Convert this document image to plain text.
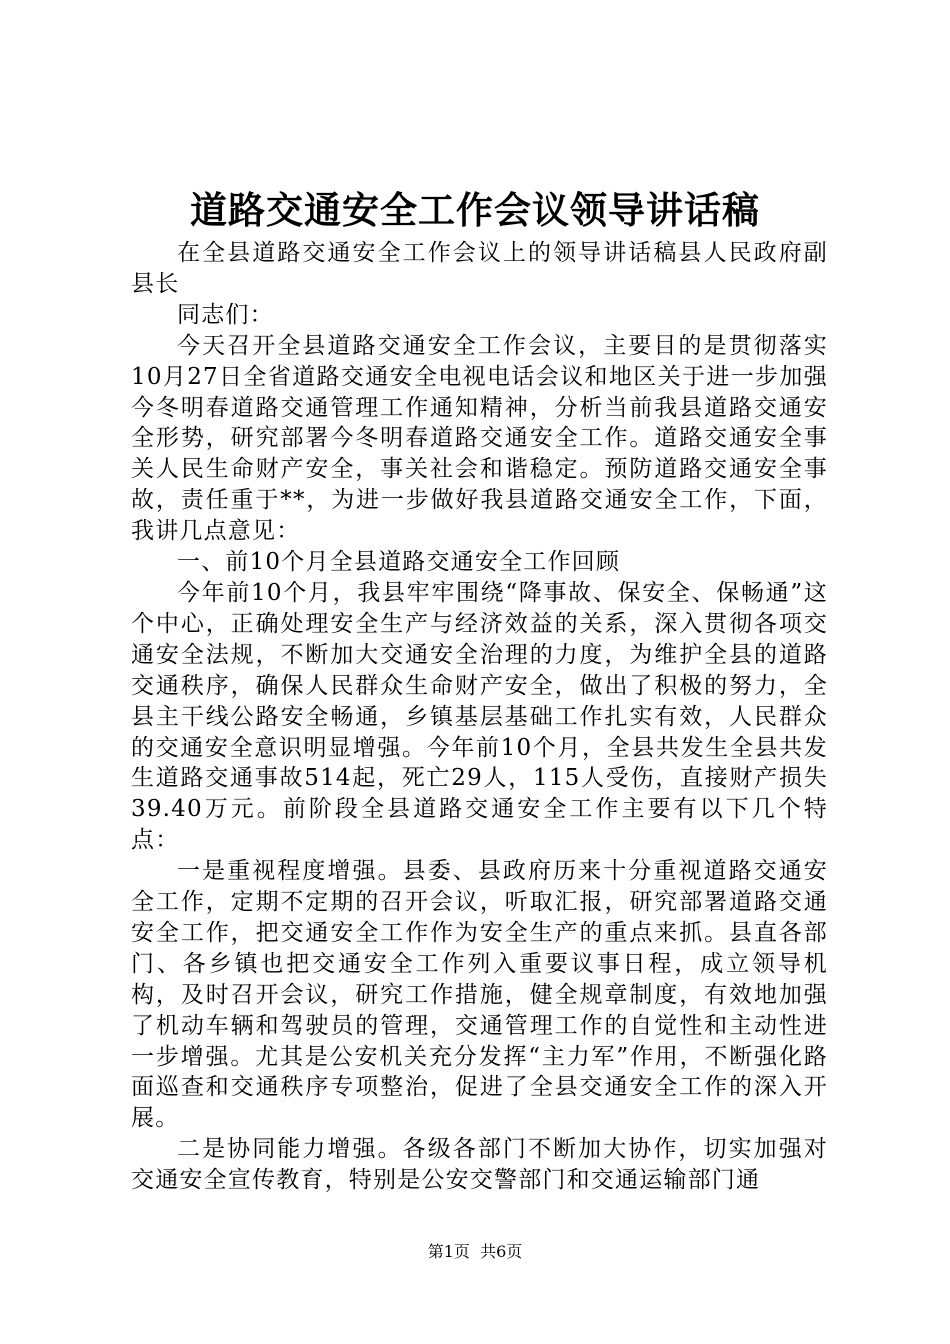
道路交通安全工作会议领导讲话稿

在全县道路交通安全工作会议上的领导讲话稿县人民政府副县长

同志们：

今天召开全县道路交通安全工作会议，主要目的是贯彻落实10月27日全省道路交通安全电视电话会议和地区关于进一步加强今冬明春道路交通管理工作通知精神，分析当前我县道路交通安全形势，研究部署今冬明春道路交通安全工作。道路交通安全事关人民生命财产安全，事关社会和谐稳定。预防道路交通安全事故，责任重于**，为进一步做好我县道路交通安全工作，下面，我讲几点意见：

一、前10个月全县道路交通安全工作回顾

今年前10个月，我县牢牢围绕“降事故、保安全、保畅通”这个中心，正确处理安全生产与经济效益的关系，深入贯彻各项交通安全法规，不断加大交通安全治理的力度，为维护全县的道路交通秩序，确保人民群众生命财产安全，做出了积极的努力，全县主干线公路安全畅通，乡镇基层基础工作扎实有效，人民群众的交通安全意识明显增强。今年前10个月，全县共发生全县共发生道路交通事故514起，死亡29人，115人受伤，直接财产损失39.40万元。前阶段全县道路交通安全工作主要有以下几个特点：

一是重视程度增强。县委、县政府历来十分重视道路交通安全工作，定期不定期的召开会议，听取汇报，研究部署道路交通安全工作，把交通安全工作作为安全生产的重点来抓。县直各部门、各乡镇也把交通安全工作列入重要议事日程，成立领导机构，及时召开会议，研究工作措施，健全规章制度，有效地加强了机动车辆和驾驶员的管理，交通管理工作的自觉性和主动性进一步增强。尤其是公安机关充分发挥“主力军”作用，不断强化路面巡查和交通秩序专项整治，促进了全县交通安全工作的深入开展。

二是协同能力增强。各级各部门不断加大协作，切实加强对交通安全宣传教育，特别是公安交警部门和交通运输部门通

第1页 共6页
